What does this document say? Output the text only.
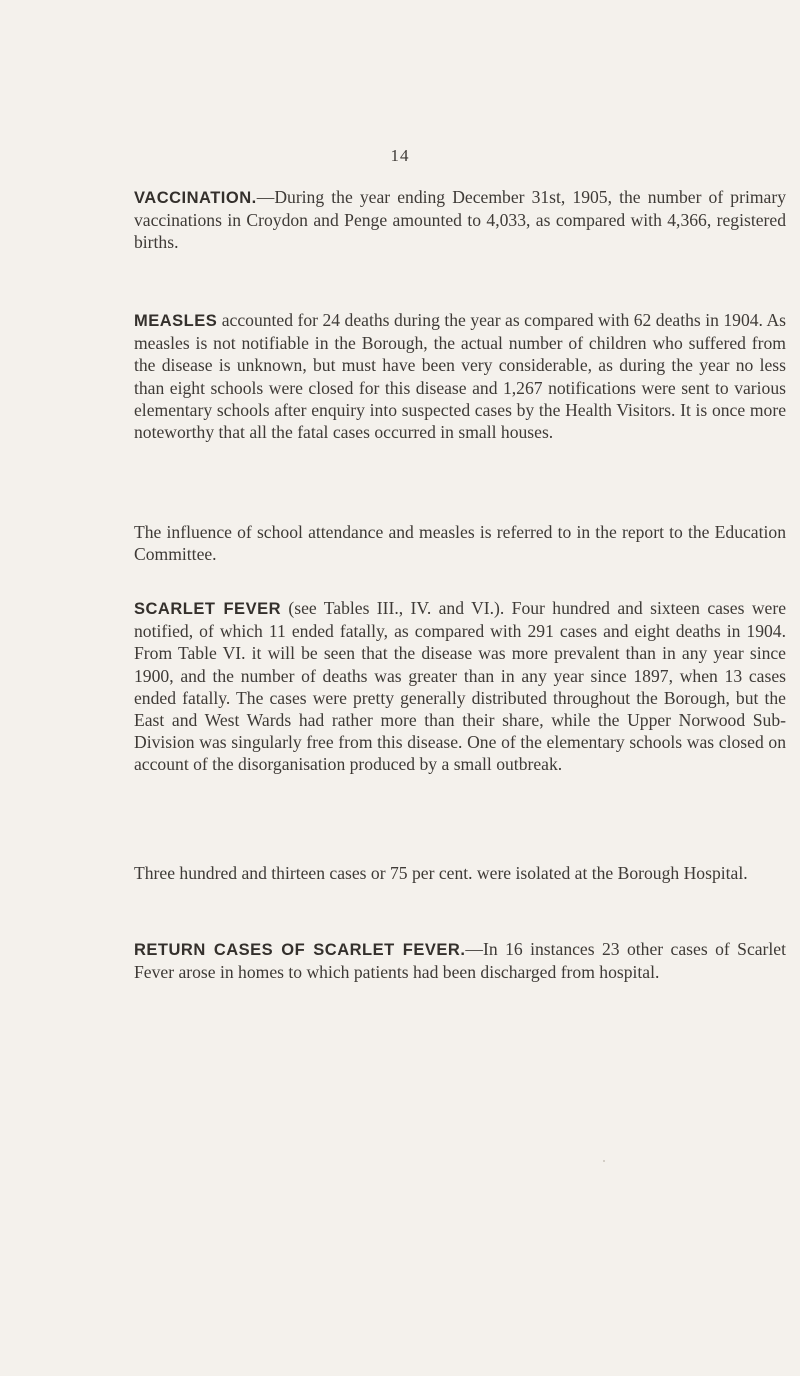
14

VACCINATION.—During the year ending December 31st, 1905, the number of primary vaccinations in Croydon and Penge amounted to 4,033, as compared with 4,366, registered births.

MEASLES accounted for 24 deaths during the year as compared with 62 deaths in 1904. As measles is not notifiable in the Borough, the actual number of children who suffered from the disease is unknown, but must have been very considerable, as during the year no less than eight schools were closed for this disease and 1,267 notifications were sent to various elementary schools after enquiry into suspected cases by the Health Visitors. It is once more noteworthy that all the fatal cases occurred in small houses.

The influence of school attendance and measles is referred to in the report to the Education Committee.

SCARLET FEVER (see Tables III., IV. and VI.). Four hundred and sixteen cases were notified, of which 11 ended fatally, as compared with 291 cases and eight deaths in 1904. From Table VI. it will be seen that the disease was more prevalent than in any year since 1900, and the number of deaths was greater than in any year since 1897, when 13 cases ended fatally. The cases were pretty generally distributed throughout the Borough, but the East and West Wards had rather more than their share, while the Upper Norwood Sub-Division was singularly free from this disease. One of the elementary schools was closed on account of the disorganisation produced by a small outbreak.

Three hundred and thirteen cases or 75 per cent. were isolated at the Borough Hospital.

RETURN CASES OF SCARLET FEVER.—In 16 instances 23 other cases of Scarlet Fever arose in homes to which patients had been discharged from hospital.
